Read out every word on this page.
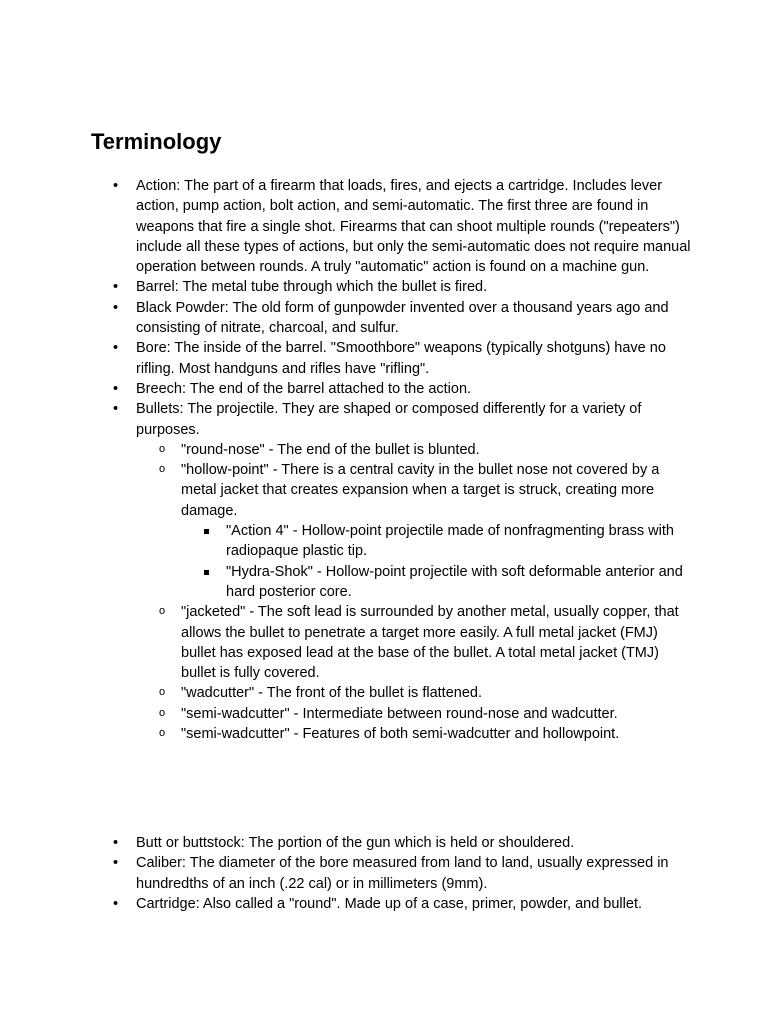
Terminology
• Action: The part of a firearm that loads, fires, and ejects a cartridge. Includes lever action, pump action, bolt action, and semi-automatic. The first three are found in weapons that fire a single shot. Firearms that can shoot multiple rounds ("repeaters") include all these types of actions, but only the semi-automatic does not require manual operation between rounds. A truly "automatic" action is found on a machine gun.
• Barrel: The metal tube through which the bullet is fired.
• Black Powder: The old form of gunpowder invented over a thousand years ago and consisting of nitrate, charcoal, and sulfur.
• Bore: The inside of the barrel. "Smoothbore" weapons (typically shotguns) have no rifling. Most handguns and rifles have "rifling".
• Breech: The end of the barrel attached to the action.
• Bullets: The projectile. They are shaped or composed differently for a variety of purposes.
o "round-nose" - The end of the bullet is blunted.
o "hollow-point" - There is a central cavity in the bullet nose not covered by a metal jacket that creates expansion when a target is struck, creating more damage.
"Action 4" - Hollow-point projectile made of nonfragmenting brass with radiopaque plastic tip.
"Hydra-Shok" - Hollow-point projectile with soft deformable anterior and hard posterior core.
o "jacketed" - The soft lead is surrounded by another metal, usually copper, that allows the bullet to penetrate a target more easily. A full metal jacket (FMJ) bullet has exposed lead at the base of the bullet. A total metal jacket (TMJ) bullet is fully covered.
o "wadcutter" - The front of the bullet is flattened.
o "semi-wadcutter" - Intermediate between round-nose and wadcutter.
o "semi-wadcutter" - Features of both semi-wadcutter and hollowpoint.
• Butt or buttstock: The portion of the gun which is held or shouldered.
• Caliber: The diameter of the bore measured from land to land, usually expressed in hundredths of an inch (.22 cal) or in millimeters (9mm).
• Cartridge: Also called a "round". Made up of a case, primer, powder, and bullet.
